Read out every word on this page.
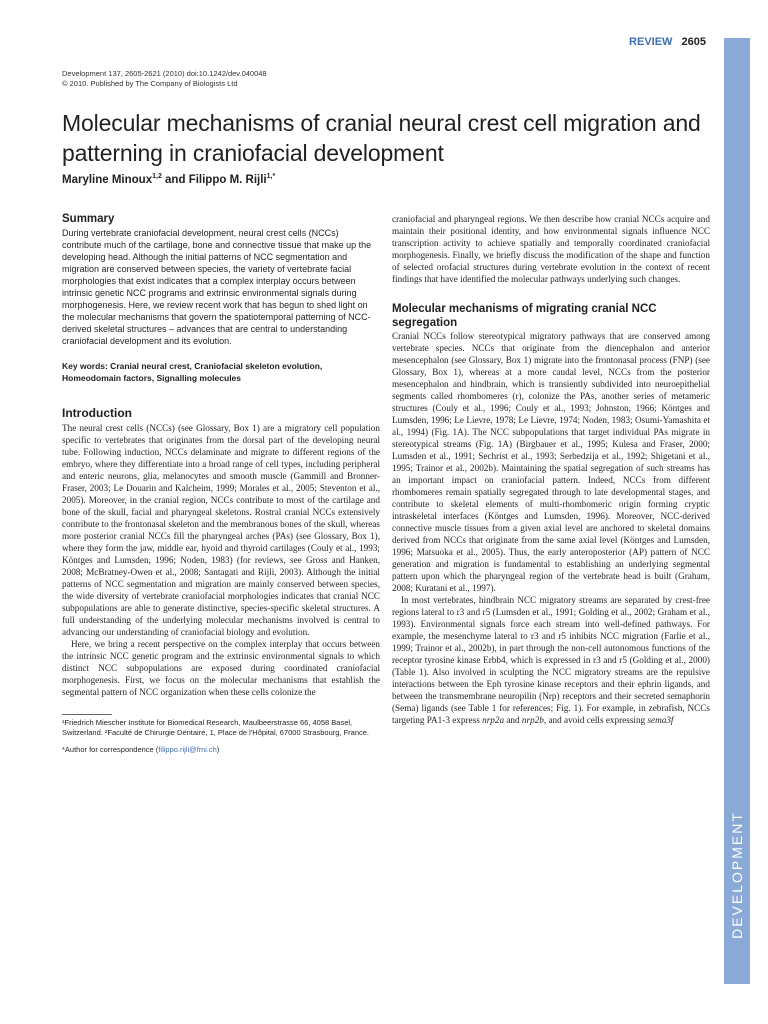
REVIEW 2605
Development 137, 2605-2621 (2010) doi:10.1242/dev.040048
© 2010. Published by The Company of Biologists Ltd
Molecular mechanisms of cranial neural crest cell migration and patterning in craniofacial development
Maryline Minoux$^{1,2}$ and Filippo M. Rijli$^{1,*}$
Summary

During vertebrate craniofacial development, neural crest cells (NCCs) contribute much of the cartilage, bone and connective tissue that make up the developing head. Although the initial patterns of NCC segmentation and migration are conserved between species, the variety of vertebrate facial morphologies that exist indicates that a complex interplay occurs between intrinsic genetic NCC programs and extrinsic environmental signals during morphogenesis. Here, we review recent work that has begun to shed light on the molecular mechanisms that govern the spatiotemporal patterning of NCC-derived skeletal structures – advances that are central to understanding craniofacial development and its evolution.

Key words: Cranial neural crest, Craniofacial skeleton evolution, Homeodomain factors, Signalling molecules

Introduction

The neural crest cells (NCCs) (see Glossary, Box 1) are a migratory cell population specific to vertebrates that originates from the dorsal part of the developing neural tube. Following induction, NCCs delaminate and migrate to different regions of the embryo, where they differentiate into a broad range of cell types, including peripheral and enteric neurons, glia, melanocytes and smooth muscle (Gammill and Bronner-Fraser, 2003; Le Douarin and Kalcheim, 1999; Morales et al., 2005; Steventon et al., 2005). Moreover, in the cranial region, NCCs contribute to most of the cartilage and bone of the skull, facial and pharyngeal skeletons. Rostral cranial NCCs extensively contribute to the frontonasal skeleton and the membranous bones of the skull, whereas more posterior cranial NCCs fill the pharyngeal arches (PAs) (see Glossary, Box 1), where they form the jaw, middle ear, hyoid and thyroid cartilages (Couly et al., 1993; Köntges and Lumsden, 1996; Noden, 1983) (for reviews, see Gross and Hanken, 2008; McBratney-Owen et al., 2008; Santagati and Rijli, 2003). Although the initial patterns of NCC segmentation and migration are mainly conserved between species, the wide diversity of vertebrate craniofacial morphologies indicates that cranial NCC subpopulations are able to generate distinctive, species-specific skeletal structures. A full understanding of the underlying molecular mechanisms involved is central to advancing our understanding of craniofacial biology and evolution.

Here, we bring a recent perspective on the complex interplay that occurs between the intrinsic NCC genetic program and the extrinsic environmental signals to which distinct NCC subpopulations are exposed during coordinated craniofacial morphogenesis. First, we focus on the molecular mechanisms that establish the segmental pattern of NCC organization when these cells colonize the

¹Friedrich Miescher Institute for Biomedical Research, Maulbeerstrasse 66, 4058 Basel, Switzerland. ²Faculté de Chirurgie Dentaire, 1, Place de l'Hôpital, 67000 Strasbourg, France.

*Author for correspondence (filippo.rijli@fmi.ch)

craniofacial and pharyngeal regions. We then describe how cranial NCCs acquire and maintain their positional identity, and how environmental signals influence NCC transcription activity to achieve spatially and temporally coordinated craniofacial morphogenesis. Finally, we briefly discuss the modification of the shape and function of selected orofacial structures during vertebrate evolution in the context of recent findings that have identified the molecular pathways underlying such changes.

Molecular mechanisms of migrating cranial NCC segregation

Cranial NCCs follow stereotypical migratory pathways that are conserved among vertebrate species. NCCs that originate from the diencephalon and anterior mesencephalon (see Glossary, Box 1) migrate into the frontonasal process (FNP) (see Glossary, Box 1), whereas at a more caudal level, NCCs from the posterior mesencephalon and hindbrain, which is transiently subdivided into neuroepithelial segments called rhombomeres (r), colonize the PAs, another series of metameric structures (Couly et al., 1996; Couly et al., 1993; Johnston, 1966; Köntges and Lumsden, 1996; Le Lievre, 1978; Le Lievre, 1974; Noden, 1983; Osumi-Yamashita et al., 1994) (Fig. 1A). The NCC subpopulations that target individual PAs migrate in stereotypical streams (Fig. 1A) (Birgbauer et al., 1995; Kulesa and Fraser, 2000; Lumsden et al., 1991; Sechrist et al., 1993; Serbedzija et al., 1992; Shigetani et al., 1995; Trainor et al., 2002b). Maintaining the spatial segregation of such streams has an important impact on craniofacial pattern. Indeed, NCCs from different rhombomeres remain spatially segregated through to late developmental stages, and contribute to skeletal elements of multi-rhombomeric origin forming cryptic intraskeletal interfaces (Köntges and Lumsden, 1996). Moreover, NCC-derived connective muscle tissues from a given axial level are anchored to skeletal domains derived from NCCs that originate from the same axial level (Köntges and Lumsden, 1996; Matsuoka et al., 2005). Thus, the early anteroposterior (AP) pattern of NCC generation and migration is fundamental to establishing an underlying segmental pattern upon which the pharyngeal region of the vertebrate head is built (Graham, 2008; Kuratani et al., 1997).

In most vertebrates, hindbrain NCC migratory streams are separated by crest-free regions lateral to r3 and r5 (Lumsden et al., 1991; Golding et al., 2002; Graham et al., 1993). Environmental signals force each stream into well-defined pathways. For example, the mesenchyme lateral to r3 and r5 inhibits NCC migration (Farlie et al., 1999; Trainor et al., 2002b), in part through the non-cell autonomous functions of the receptor tyrosine kinase Erbb4, which is expressed in r3 and r5 (Golding et al., 2000) (Table 1). Also involved in sculpting the NCC migratory streams are the repulsive interactions between the Eph tyrosine kinase receptors and their ephrin ligands, and between the transmembrane neuropilin (Nrp) receptors and their secreted semaphorin (Sema) ligands (see Table 1 for references; Fig. 1). For example, in zebrafish, NCCs targeting PA1-3 express nrp2a and nrp2b, and avoid cells expressing sema3f

DEVELOPMENT
